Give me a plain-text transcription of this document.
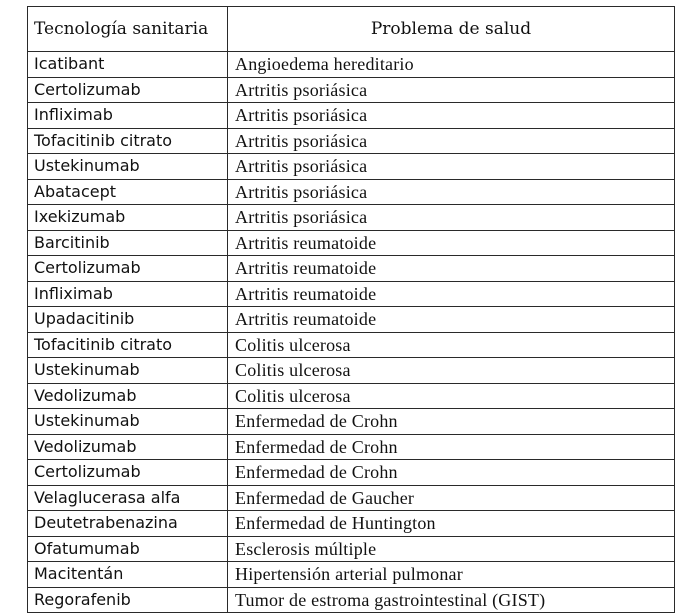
Tecnología sanitaria	Problema de salud
Icatibant	Angioedema hereditario
Certolizumab	Artritis psoriásica
Infliximab	Artritis psoriásica
Tofacitinib citrato	Artritis psoriásica
Ustekinumab	Artritis psoriásica
Abatacept	Artritis psoriásica
Ixekizumab	Artritis psoriásica
Barcitinib	Artritis reumatoide
Certolizumab	Artritis reumatoide
Infliximab	Artritis reumatoide
Upadacitinib	Artritis reumatoide
Tofacitinib citrato	Colitis ulcerosa
Ustekinumab	Colitis ulcerosa
Vedolizumab	Colitis ulcerosa
Ustekinumab	Enfermedad de Crohn
Vedolizumab	Enfermedad de Crohn
Certolizumab	Enfermedad de Crohn
Velaglucerasa alfa	Enfermedad de Gaucher
Deutetrabenazina	Enfermedad de Huntington
Ofatumumab	Esclerosis múltiple
Macitentán	Hipertensión arterial pulmonar
Regorafenib	Tumor de estroma gastrointestinal (GIST)
